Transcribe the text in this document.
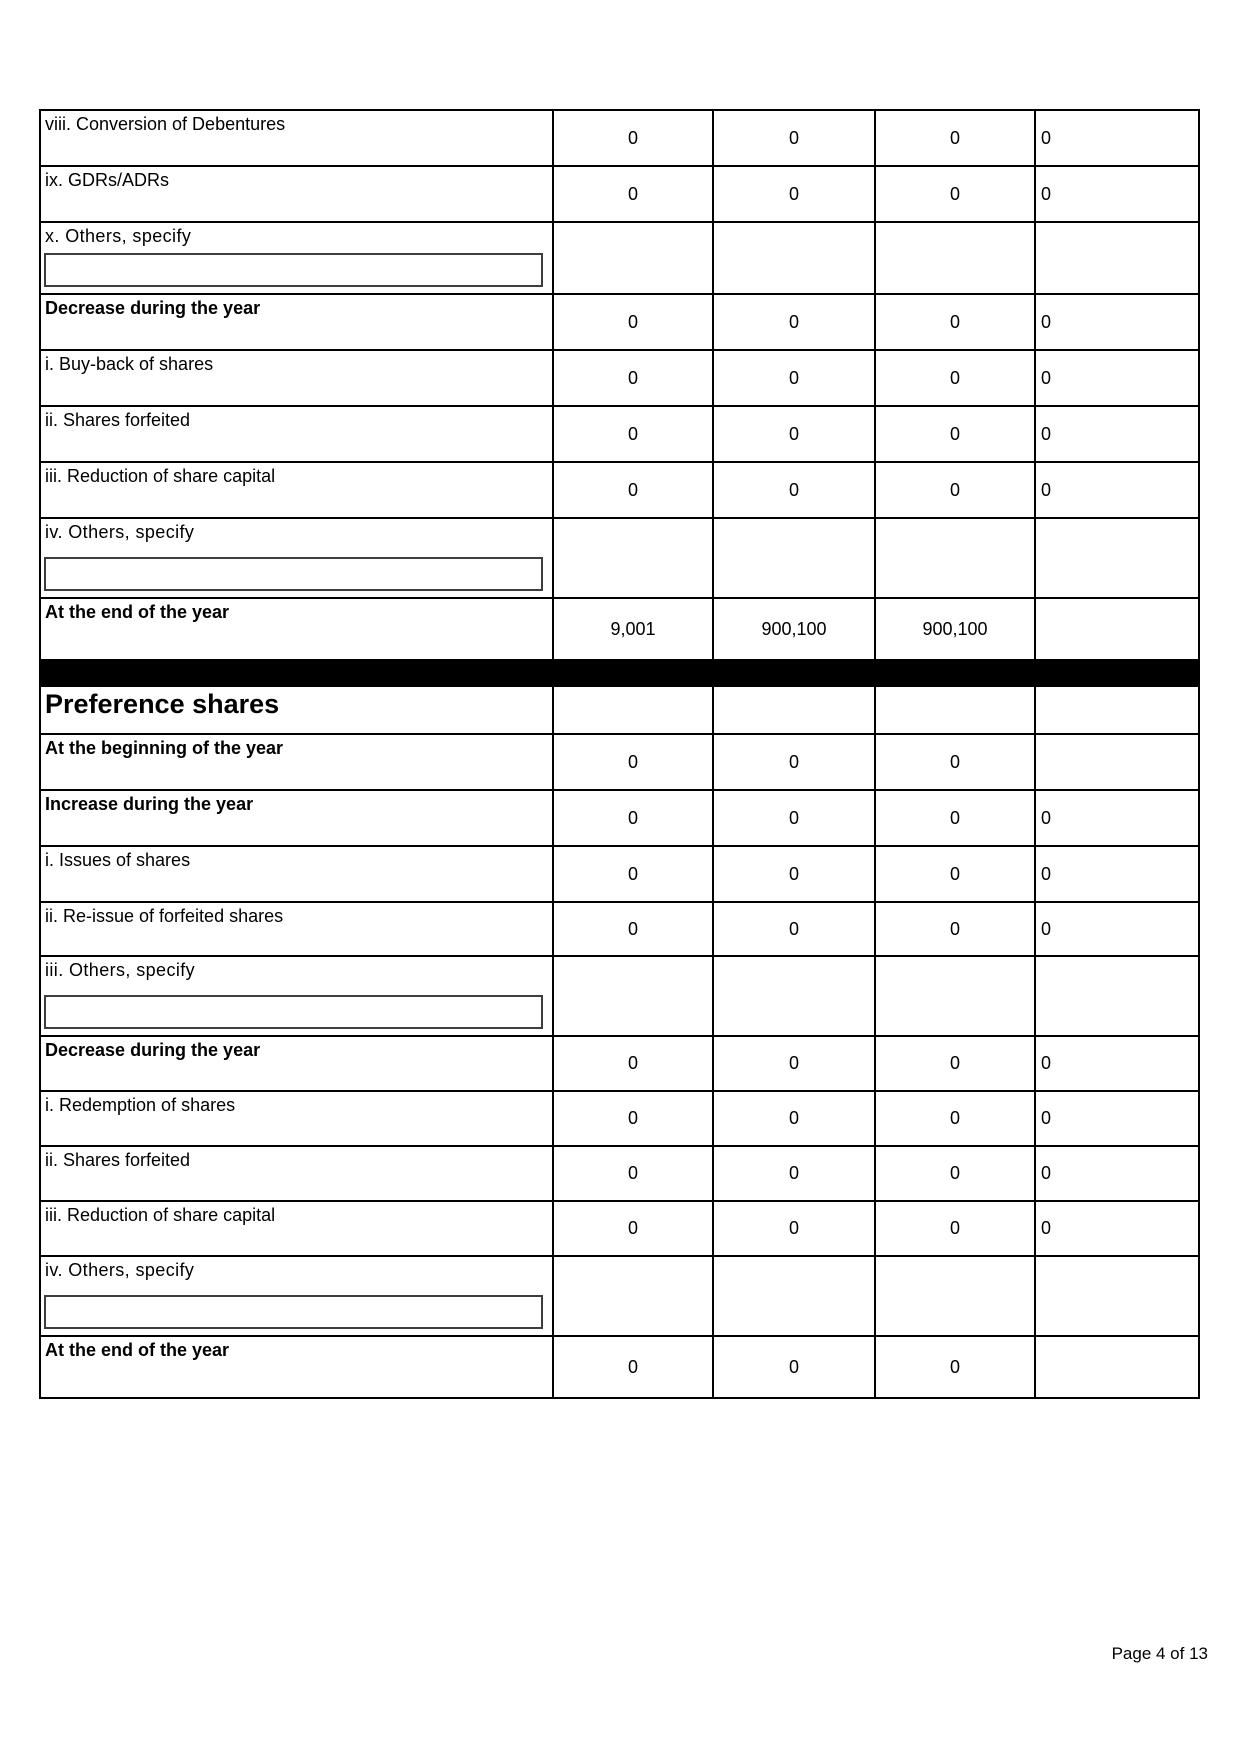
viii. Conversion of Debentures	0	0	0	0
ix. GDRs/ADRs	0	0	0	0
x. Others, specify

Decrease during the year	0	0	0	0
i. Buy-back of shares	0	0	0	0
ii. Shares forfeited	0	0	0	0
iii. Reduction of share capital	0	0	0	0
iv. Others, specify

At the end of the year	9,001	900,100	900,100	

Preference shares				
At the beginning of the year	0	0	0	
Increase during the year	0	0	0	0
i. Issues of shares	0	0	0	0
ii. Re-issue of forfeited shares	0	0	0	0
iii. Others, specify

Decrease during the year	0	0	0	0
i. Redemption of shares	0	0	0	0
ii. Shares forfeited	0	0	0	0
iii. Reduction of share capital	0	0	0	0
iv. Others, specify

At the end of the year	0	0	0	
Page 4 of 13
